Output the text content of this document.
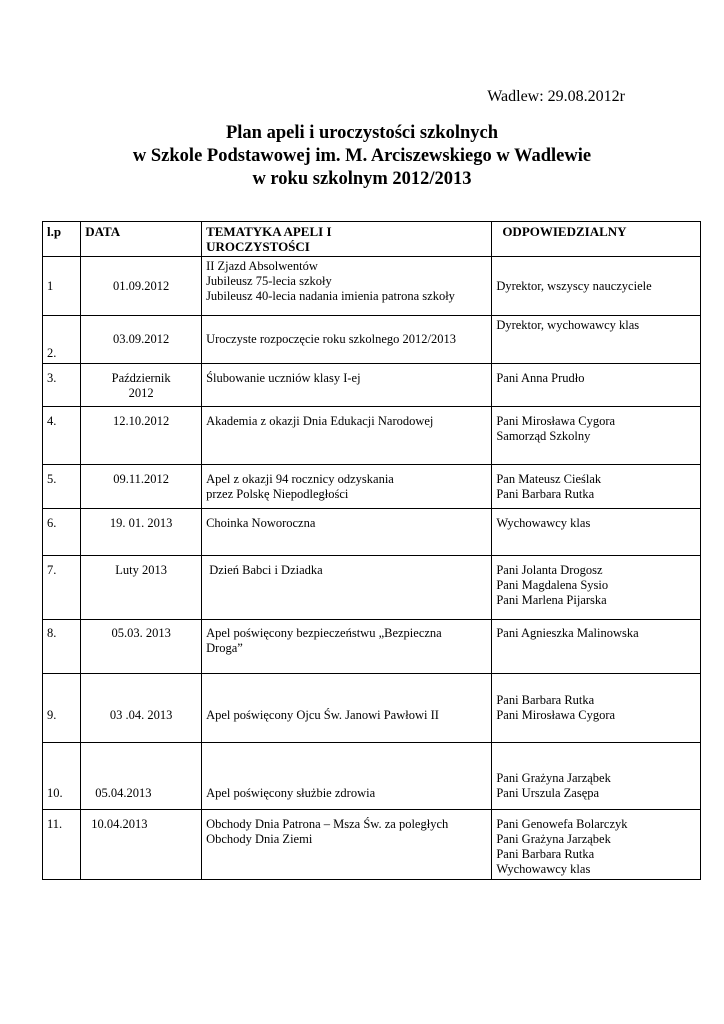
Wadlew: 29.08.2012r
Plan apeli i uroczystości szkolnych
w Szkole Podstawowej im. M. Arciszewskiego w Wadlewie
w roku szkolnym 2012/2013
l.p	DATA	TEMATYKA APELI I
UROCZYSTOŚCI	ODPOWIEDZIALNY
1	01.09.2012	II Zjazd Absolwentów
Jubileusz 75-lecia szkoły
Jubileusz 40-lecia nadania imienia patrona szkoły	Dyrektor, wszyscy nauczyciele

2.	03.09.2012	Uroczyste rozpoczęcie roku szkolnego 2012/2013	Dyrektor, wychowawcy klas

3.	Październik
2012	Ślubowanie uczniów klasy I-ej	Pani Anna Prudło

4.	12.10.2012	Akademia z okazji Dnia Edukacji Narodowej	Pani Mirosława Cygora
Samorząd Szkolny

5.	09.11.2012	Apel z okazji 94 rocznicy odzyskania
przez Polskę Niepodległości	Pan Mateusz Cieślak
Pani Barbara Rutka

6.	19. 01. 2013	Choinka Noworoczna	Wychowawcy klas

7.	Luty 2013	Dzień Babci i Dziadka	Pani Jolanta Drogosz
Pani Magdalena Sysio
Pani Marlena Pijarska

8.	05.03. 2013	Apel poświęcony bezpieczeństwu „Bezpieczna
Droga”	Pani Agnieszka Malinowska

9.	03 .04. 2013	Apel poświęcony Ojcu Św. Janowi Pawłowi II	Pani Barbara Rutka
Pani Mirosława Cygora

10.	05.04.2013	Apel poświęcony służbie zdrowia	Pani Grażyna Jarząbek
Pani Urszula Zasępa

11.	10.04.2013	Obchody Dnia Patrona – Msza Św. za poległych
Obchody Dnia Ziemi	Pani Genowefa Bolarczyk
Pani Grażyna Jarząbek
Pani Barbara Rutka
Wychowawcy klas
